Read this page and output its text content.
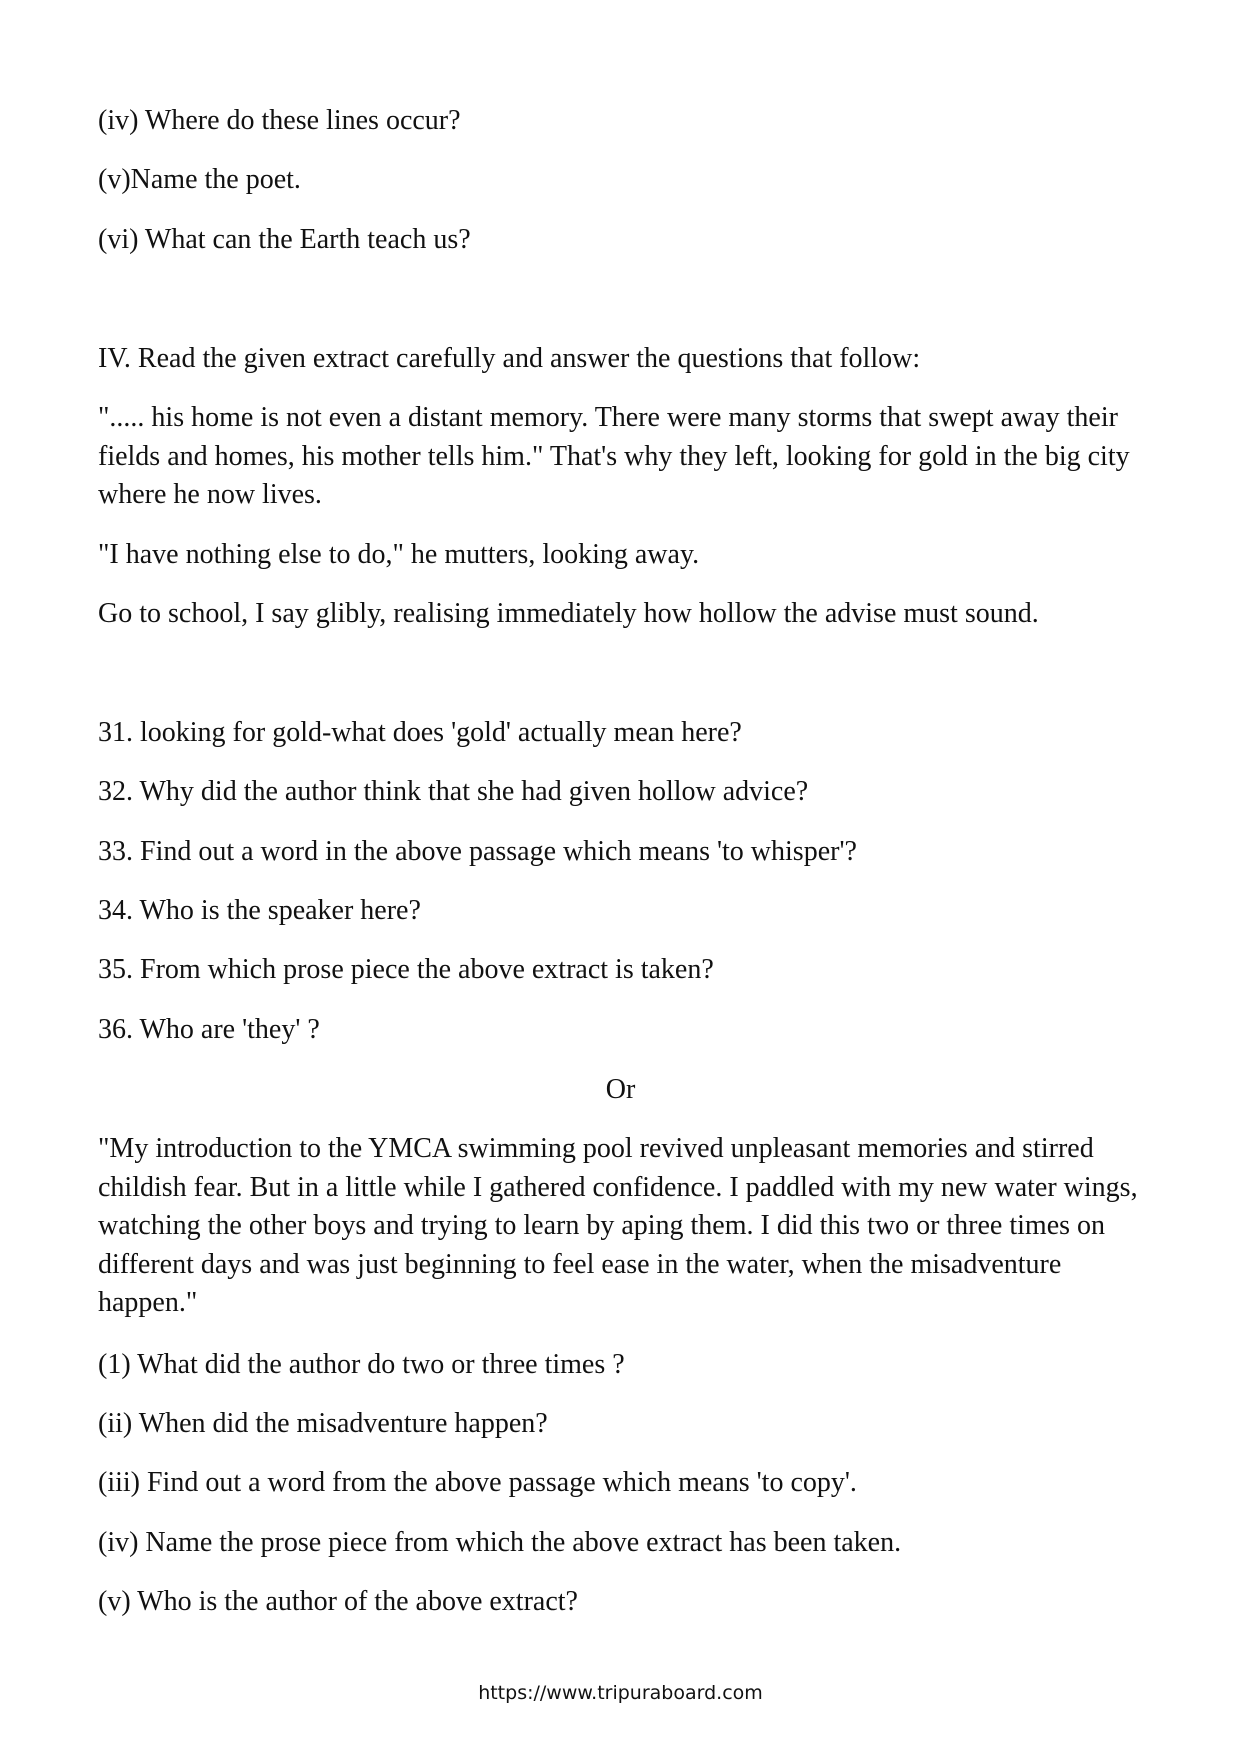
(iv) Where do these lines occur?

(v)Name the poet.

(vi) What can the Earth teach us?

IV. Read the given extract carefully and answer the questions that follow:

"..... his home is not even a distant memory. There were many storms that swept away their fields and homes, his mother tells him." That's why they left, looking for gold in the big city where he now lives.

"I have nothing else to do," he mutters, looking away.

Go to school, I say glibly, realising immediately how hollow the advise must sound.

31. looking for gold-what does 'gold' actually mean here?

32. Why did the author think that she had given hollow advice?

33. Find out a word in the above passage which means 'to whisper'?

34. Who is the speaker here?

35. From which prose piece the above extract is taken?

36. Who are 'they' ?

Or

"My introduction to the YMCA swimming pool revived unpleasant memories and stirred childish fear. But in a little while I gathered confidence. I paddled with my new water wings, watching the other boys and trying to learn by aping them. I did this two or three times on different days and was just beginning to feel ease in the water, when the misadventure happen."

(1) What did the author do two or three times ?

(ii) When did the misadventure happen?

(iii) Find out a word from the above passage which means 'to copy'.

(iv) Name the prose piece from which the above extract has been taken.

(v) Who is the author of the above extract?

https://www.tripuraboard.com
